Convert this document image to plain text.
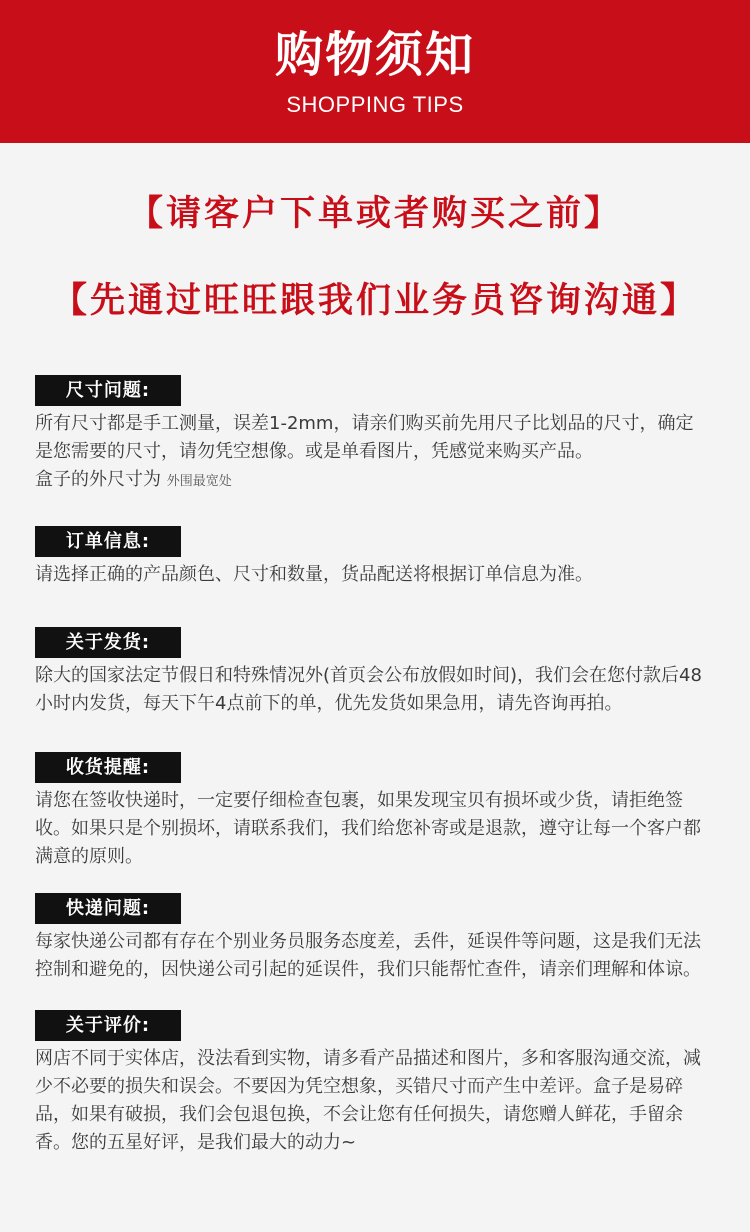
购物须知
SHOPPING TIPS
【请客户下单或者购买之前】
【先通过旺旺跟我们业务员咨询沟通】
尺寸问题:
所有尺寸都是手工测量，误差1-2mm，请亲们购买前先用尺子比划品的尺寸，确定是您需要的尺寸，请勿凭空想像。或是单看图片，凭感觉来购买产品。
盒子的外尺寸为 外围最宽处
订单信息:
请选择正确的产品颜色、尺寸和数量，货品配送将根据订单信息为准。
关于发货:
除大的国家法定节假日和特殊情况外(首页会公布放假如时间)，我们会在您付款后48小时内发货，每天下午4点前下的单，优先发货如果急用，请先咨询再拍。
收货提醒:
请您在签收快递时，一定要仔细检查包裹，如果发现宝贝有损坏或少货，请拒绝签收。如果只是个别损坏，请联系我们，我们给您补寄或是退款，遵守让每一个客户都满意的原则。
快递问题:
每家快递公司都有存在个别业务员服务态度差，丢件，延误件等问题，这是我们无法控制和避免的，因快递公司引起的延误件，我们只能帮忙查件，请亲们理解和体谅。
关于评价:
网店不同于实体店，没法看到实物，请多看产品描述和图片，多和客服沟通交流，减少不必要的损失和误会。不要因为凭空想象，买错尺寸而产生中差评。盒子是易碎品，如果有破损，我们会包退包换，不会让您有任何损失，请您赠人鲜花，手留余香。您的五星好评，是我们最大的动力~
